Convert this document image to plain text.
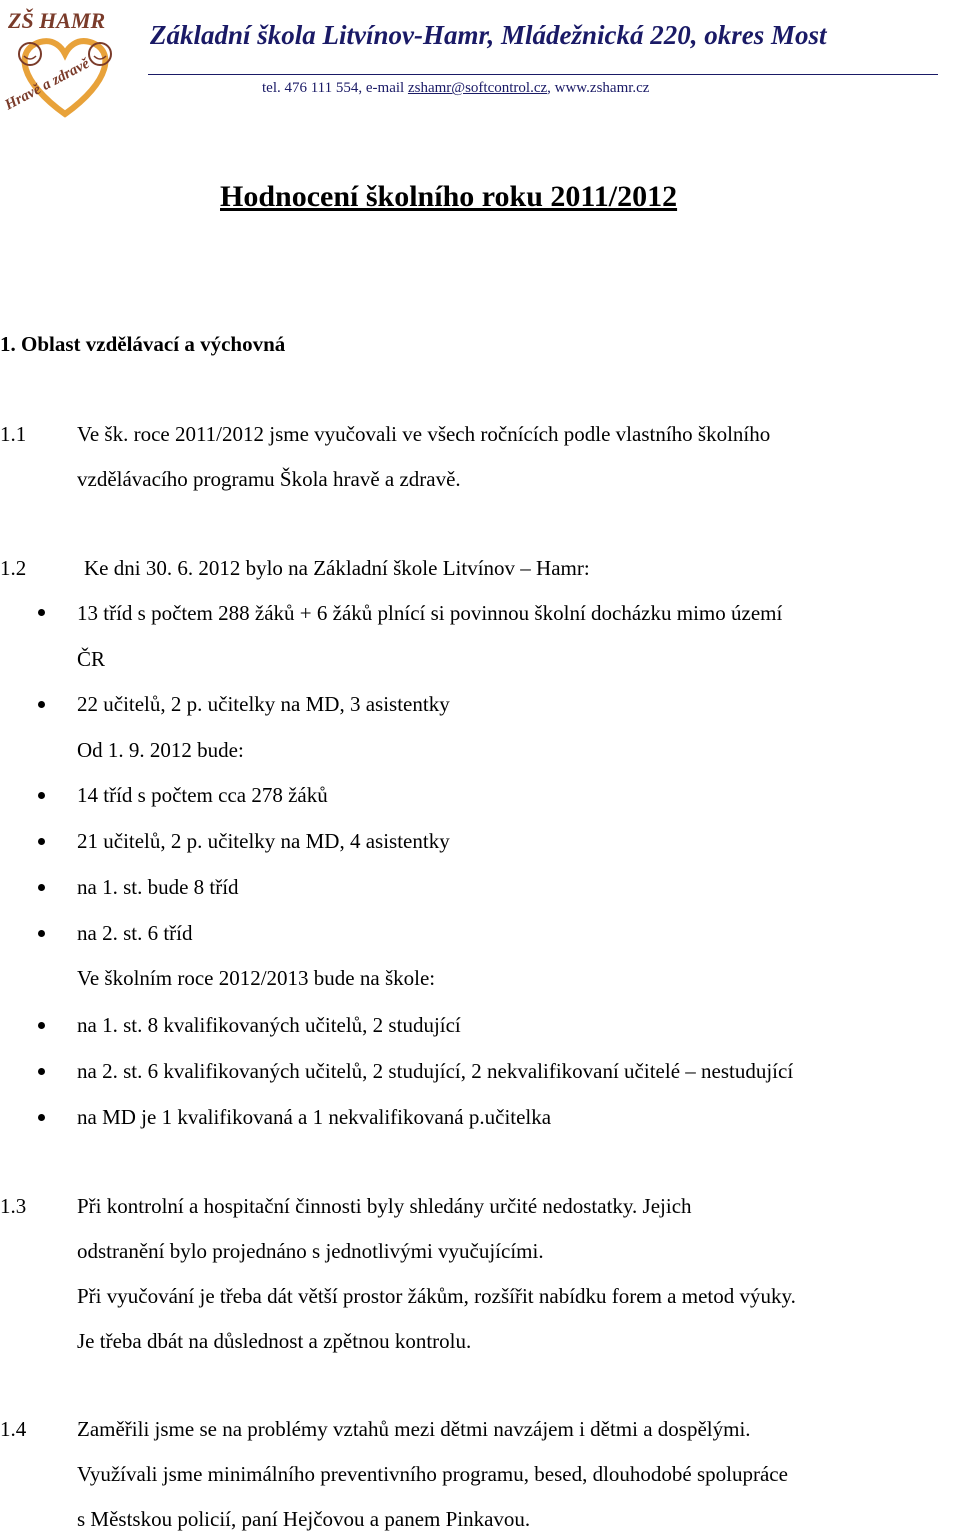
ZŠ HAMR
Hravě a zdravě
Základní škola Litvínov-Hamr, Mládežnická 220, okres Most
tel. 476 111 554, e-mail zshamr@softcontrol.cz, www.zshamr.cz
Hodnocení školního roku 2011/2012
1. Oblast vzdělávací a výchovná
1.1 Ve šk. roce 2011/2012 jsme vyučovali ve všech ročnících podle vlastního školního
vzdělávacího programu Škola hravě a zdravě.
1.2	Ke dni 30. 6. 2012 bylo na Základní škole Litvínov – Hamr:
13 tříd s počtem 288 žáků + 6 žáků plnící si povinnou školní docházku mimo území
ČR
22 učitelů, 2 p. učitelky na MD, 3 asistentky
Od 1. 9. 2012 bude:
14 tříd s počtem cca 278 žáků
21 učitelů, 2 p. učitelky na MD, 4 asistentky
na 1. st. bude 8 tříd
na 2. st. 6 tříd
Ve školním roce 2012/2013 bude na škole:
na 1. st. 8 kvalifikovaných učitelů, 2 studující
na 2. st. 6 kvalifikovaných učitelů, 2 studující, 2 nekvalifikovaní učitelé – nestudující
na MD je 1 kvalifikovaná a 1 nekvalifikovaná p.učitelka
1.3 Při kontrolní a hospitační činnosti byly shledány určité nedostatky. Jejich
odstranění bylo projednáno s jednotlivými vyučujícími.
Při vyučování je třeba dát větší prostor žákům, rozšířit nabídku forem a metod výuky.
Je třeba dbát na důslednost a zpětnou kontrolu.
1.4 Zaměřili jsme se na problémy vztahů mezi dětmi navzájem i dětmi a dospělými.
Využívali jsme minimálního preventivního programu, besed, dlouhodobé spolupráce
s Městskou policií, paní Hejčovou a panem Pinkavou.
